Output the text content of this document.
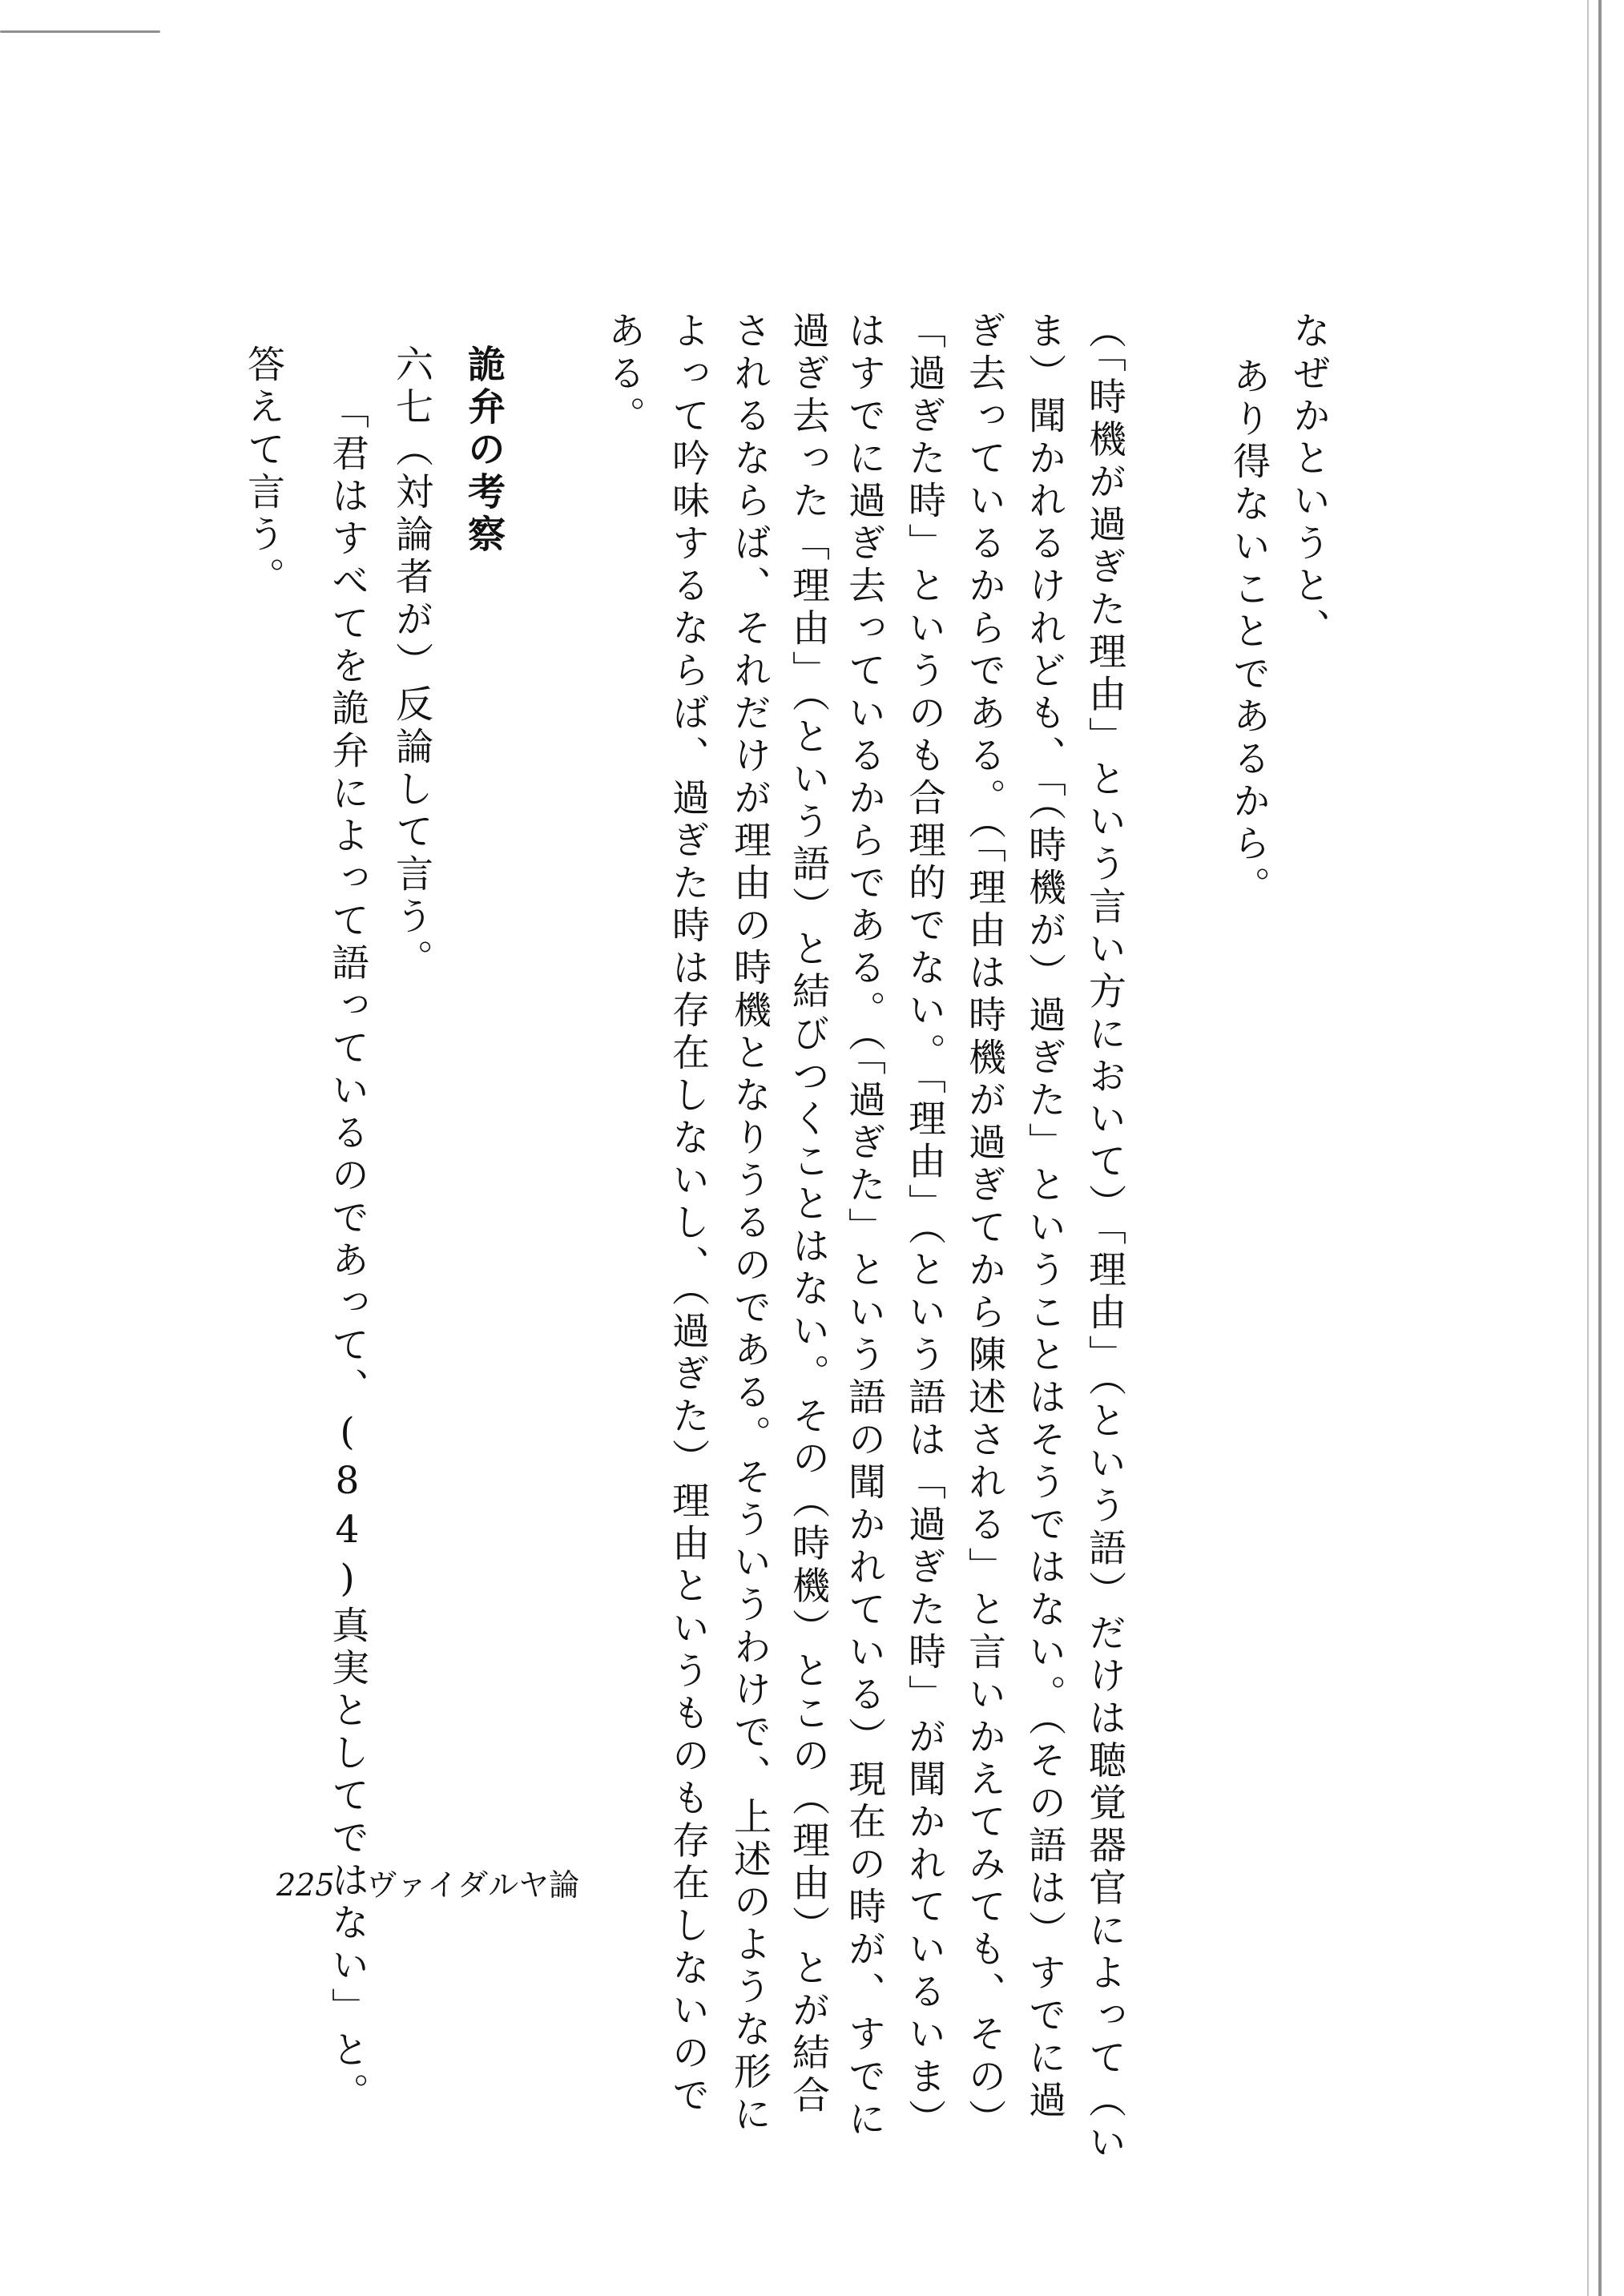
なぜかというと、
あり得ないことであるから。
（「時機が過ぎた理由」という言い方において）「理由」（という語）だけは聴覚器官によって（い
ま）聞かれるけれども、「（時機が）過ぎた」ということはそうではない。（その語は）すでに過
ぎ去っているからである。（「理由は時機が過ぎてから陳述される」と言いかえてみても、その）
「過ぎた時」というのも合理的でない。「理由」（という語は「過ぎた時」が聞かれているいま）
はすでに過ぎ去っているからである。（「過ぎた」という語の聞かれている）現在の時が、すでに
過ぎ去った「理由」（という語）と結びつくことはない。その（時機）とこの（理由）とが結合
されるならば、それだけが理由の時機となりうるのである。そういうわけで、上述のような形に
よって吟味するならば、過ぎた時は存在しないし、（過ぎた）理由というものも存在しないので
ある。
詭弁の考察
六七（対論者が）反論して言う。
「君はすべてを詭弁によって語っているのであって、(84)真実としてではない」と。
答えて言う。
225 ヴァイダルヤ論
